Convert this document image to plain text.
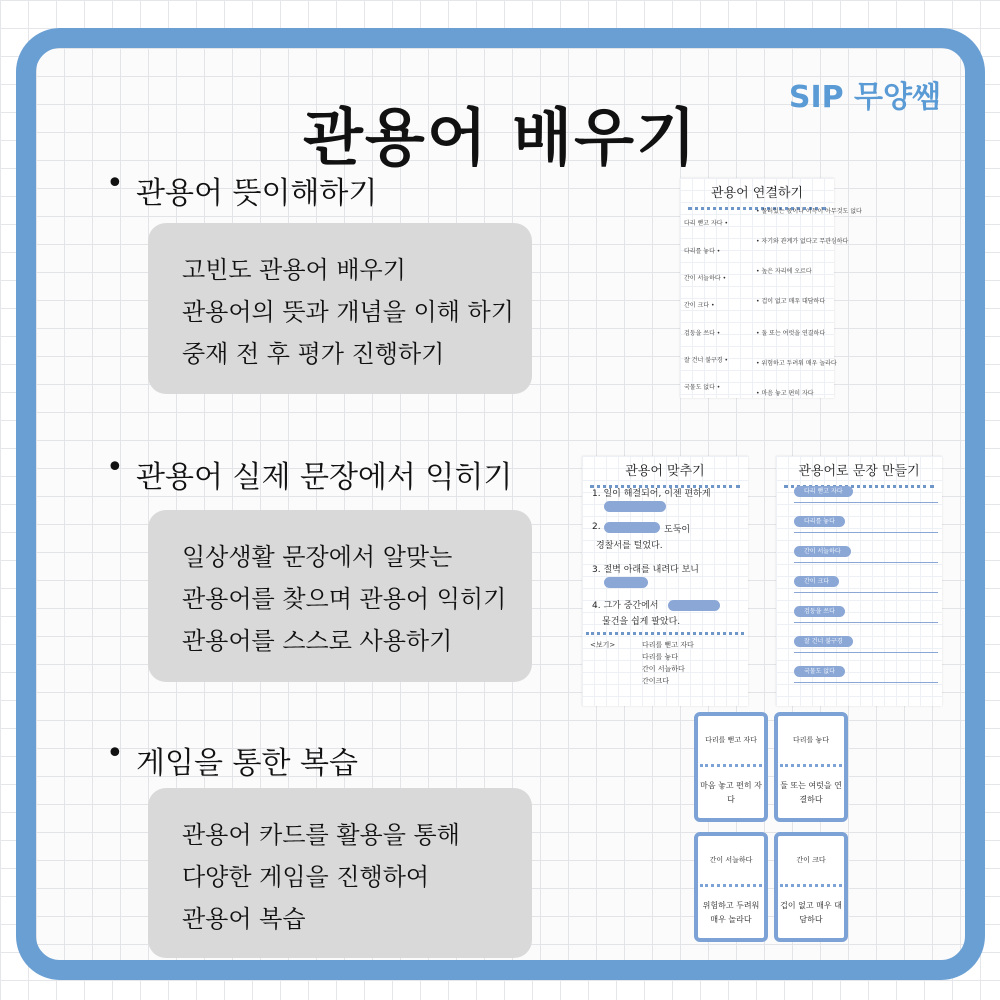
관용어 배우기
SIP 무양쌤
• 관용어 뜻이해하기
고빈도 관용어 배우기
관용어의 뜻과 개념을 이해 하기
중재 전 후 평가 진행하기
• 관용어 실제 문장에서 익히기
일상생활 문장에서 알맞는
관용어를 찾으며 관용어 익히기
관용어를 스스로 사용하기
• 게임을 통한 복습
관용어 카드를 활용을 통해
다양한 게임을 진행하여
관용어 복습
관용어 연결하기
다리 뻗고 자다 •
다리를 놓다 •
간이 서늘하다 •
간이 크다 •
검둥을 쓰다 •
잘 건너 불구경 •
국물도 없다 •
• 물러있는 몫이나 이득이 아무것도 없다
• 자기와 관계가 없다고 무관심하다
• 높은 자리에 오르다
• 겁이 없고 매우 대담하다
• 둘 또는 여럿을 연결하다
• 위험하고 두려워 매우 놀라다
• 마음 놓고 편히 자다
관용어 맞추기
1. 일이 해결되어, 이젠 편하게
2.	도둑이
경찰서를 털었다.
3. 절벽 아래를 내려다 보니
4. 그가 중간에서
물건을 쉽게 팔았다.
<보기>	다리를 뻗고 자다
다리를 놓다
간이 서늘하다
간이크다
관용어로 문장 만들기
다리 뻗고 자다
다리를 놓다
간이 서늘하다
간이 크다
검둥을 쓰다
잘 건너 불구경
국물도 없다
다리를 뻗고 자다
마음 놓고 편히 자다
다리를 놓다
둘 또는 여럿을 연결하다
간이 서늘하다
위험하고 두려워 매우 놀라다
간이 크다
겁이 없고 매우 대담하다
